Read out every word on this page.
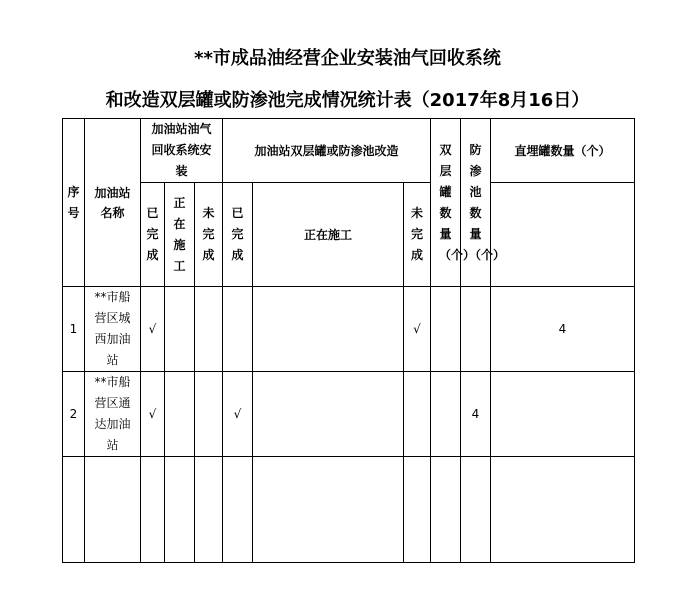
**市成品油经营企业安装油气回收系统
和改造双层罐或防渗池完成情况统计表（2017年8月16日）
序号	加油站名称	加油站油气回收系统安装			加油站双层罐或防渗池改造			双层罐数量（个）	防渗池数量（个）	直埋罐数量（个）
		已完成	正在施工	未完成	已完成	正在施工	未完成			
1	**市船营区城西加油站	√					√			4
2	**市船营区通达加油站	√			√				4	
